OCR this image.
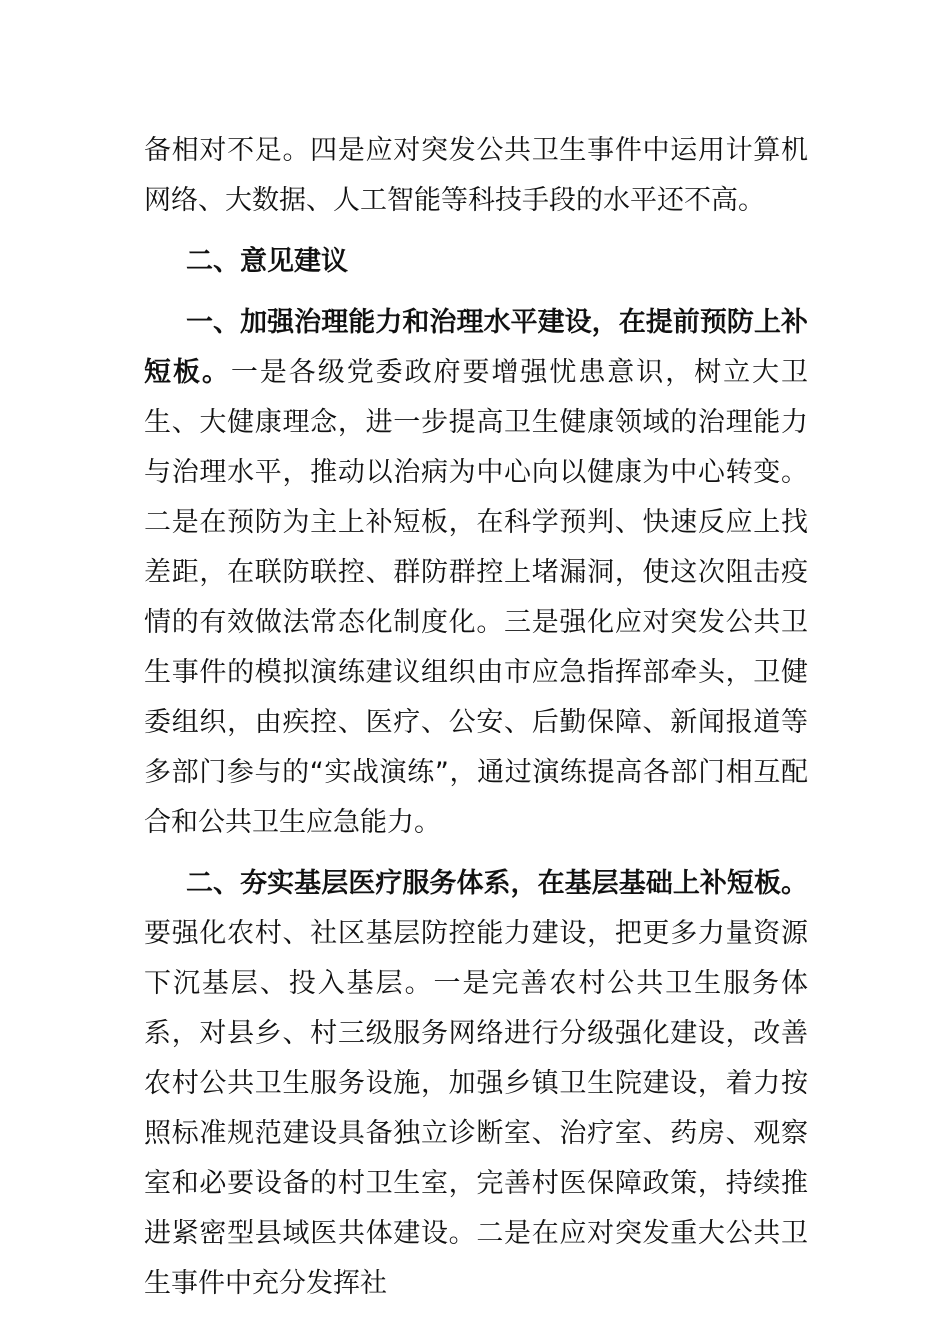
备相对不足。四是应对突发公共卫生事件中运用计算机网络、大数据、人工智能等科技手段的水平还不高。

二、意见建议

一、加强治理能力和治理水平建设，在提前预防上补短板。一是各级党委政府要增强忧患意识，树立大卫生、大健康理念，进一步提高卫生健康领域的治理能力与治理水平，推动以治病为中心向以健康为中心转变。二是在预防为主上补短板，在科学预判、快速反应上找差距，在联防联控、群防群控上堵漏洞，使这次阻击疫情的有效做法常态化制度化。三是强化应对突发公共卫生事件的模拟演练建议组织由市应急指挥部牵头，卫健委组织，由疾控、医疗、公安、后勤保障、新闻报道等多部门参与的“实战演练”，通过演练提高各部门相互配合和公共卫生应急能力。

二、夯实基层医疗服务体系，在基层基础上补短板。要强化农村、社区基层防控能力建设，把更多力量资源下沉基层、投入基层。一是完善农村公共卫生服务体系，对县乡、村三级服务网络进行分级强化建设，改善农村公共卫生服务设施，加强乡镇卫生院建设，着力按照标准规范建设具备独立诊断室、治疗室、药房、观察室和必要设备的村卫生室，完善村医保障政策，持续推进紧密型县域医共体建设。二是在应对突发重大公共卫生事件中充分发挥社
